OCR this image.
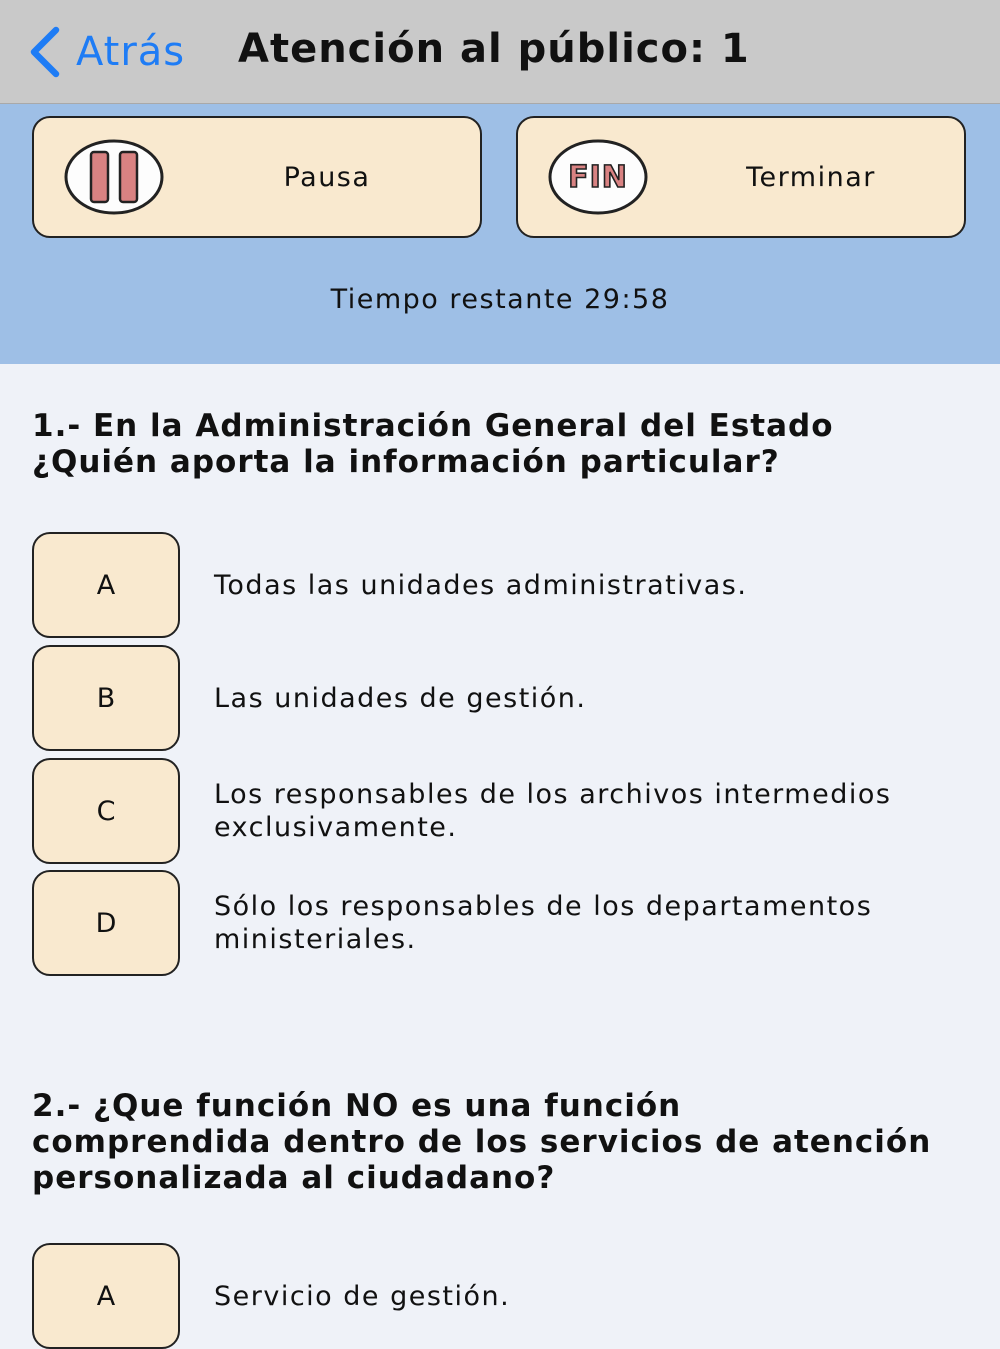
Atrás Atención al público: 1
Pausa	FIN	Terminar
Tiempo restante 29:58
1.- En la Administración General del Estado ¿Quién aporta la información particular?
A	Todas las unidades administrativas.
B	Las unidades de gestión.
C
Los responsables de los archivos intermedios exclusivamente.
D
Sólo los responsables de los departamentos ministeriales.
2.- ¿Que función NO es una función comprendida dentro de los servicios de atención personalizada al ciudadano?
A	Servicio de gestión.
